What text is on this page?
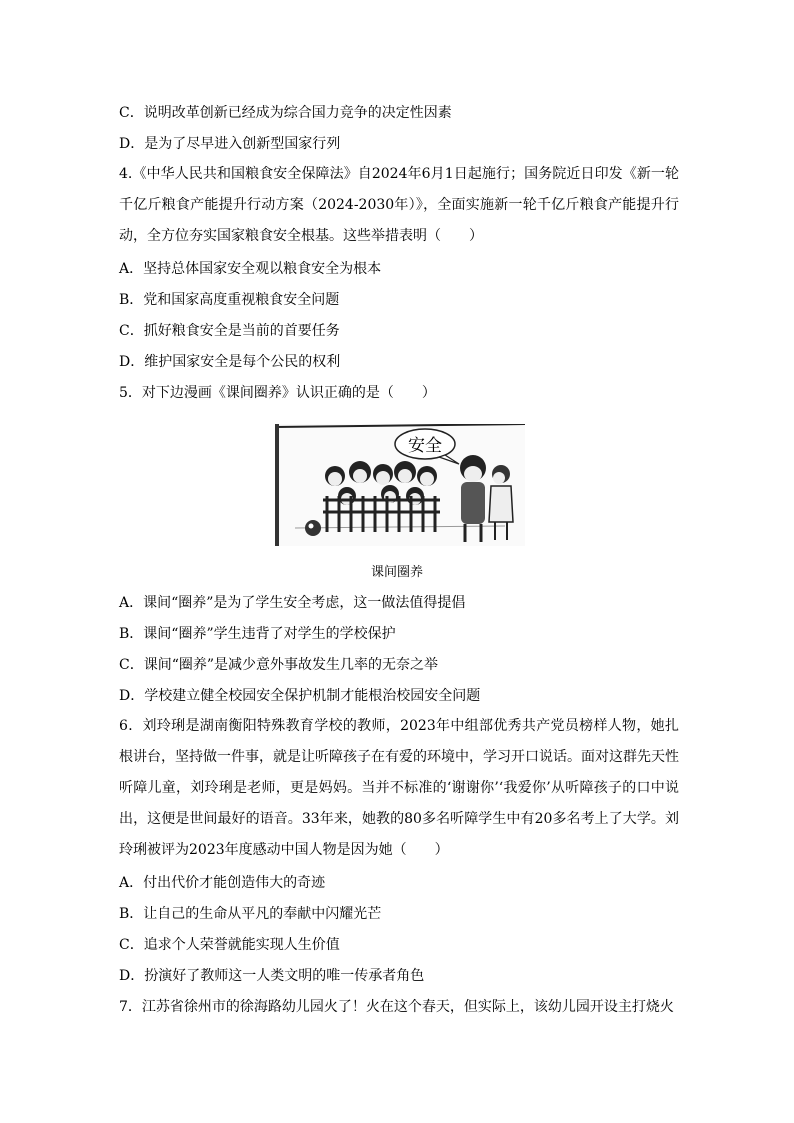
C．说明改革创新已经成为综合国力竞争的决定性因素
D．是为了尽早进入创新型国家行列
4.《中华人民共和国粮食安全保障法》自2024年6月1日起施行；国务院近日印发《新一轮千亿斤粮食产能提升行动方案（2024-2030年）》，全面实施新一轮千亿斤粮食产能提升行动，全方位夯实国家粮食安全根基。这些举措表明（　　）
A．坚持总体国家安全观以粮食安全为根本
B．党和国家高度重视粮食安全问题
C．抓好粮食安全是当前的首要任务
D．维护国家安全是每个公民的权利
5．对下边漫画《课间圈养》认识正确的是（　　）
安全
课间圈养
A．课间“圈养”是为了学生安全考虑，这一做法值得提倡
B．课间“圈养”学生违背了对学生的学校保护
C．课间“圈养”是减少意外事故发生几率的无奈之举
D．学校建立健全校园安全保护机制才能根治校园安全问题
6．刘玲琍是湖南衡阳特殊教育学校的教师，2023年中组部优秀共产党员榜样人物，她扎根讲台，坚持做一件事，就是让听障孩子在有爱的环境中，学习开口说话。面对这群先天性听障儿童，刘玲琍是老师，更是妈妈。当并不标准的‘谢谢你’‘我爱你’从听障孩子的口中说出，这便是世间最好的语音。33年来，她教的80多名听障学生中有20多名考上了大学。刘玲琍被评为2023年度感动中国人物是因为她（　　）
A．付出代价才能创造伟大的奇迹
B．让自己的生命从平凡的奉献中闪耀光芒
C．追求个人荣誉就能实现人生价值
D．扮演好了教师这一人类文明的唯一传承者角色
7．江苏省徐州市的徐海路幼儿园火了！火在这个春天，但实际上，该幼儿园开设主打烧火
